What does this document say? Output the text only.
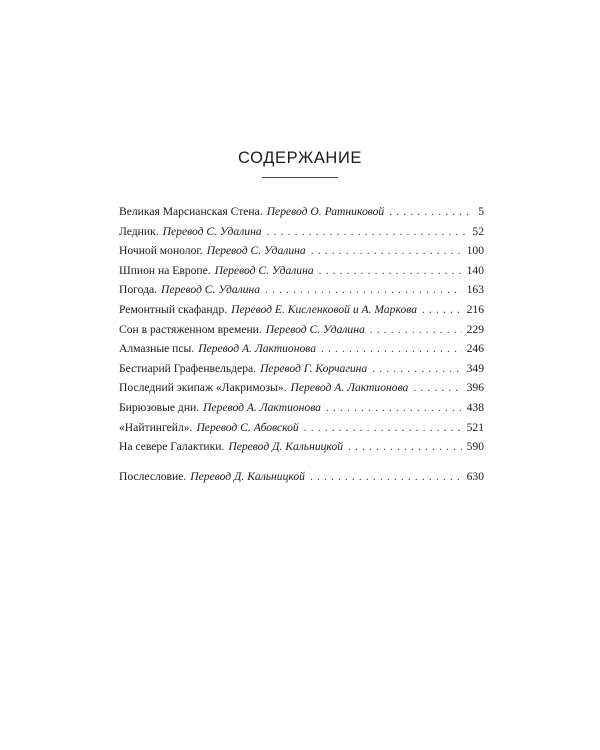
СОДЕРЖАНИЕ
Великая Марсианская Стена. Перевод О. Ратниковой . . .	5
Ледник. Перевод С. Удалина . . .	52
Ночной монолог. Перевод С. Удалина . . .	100
Шпион на Европе. Перевод С. Удалина . . .	140
Погода. Перевод С. Удалина . . .	163
Ремонтный скафандр. Перевод Е. Кисленковой и А. Маркова . . .	216
Сон в растяженном времени. Перевод С. Удалина . . .	229
Алмазные псы. Перевод А. Лактионова . . .	246
Бестиарий Графенвельдера. Перевод Г. Корчагина . . .	349
Последний экипаж «Лакримозы». Перевод А. Лактионова . . .	396
Бирюзовые дни. Перевод А. Лактионова . . .	438
«Найтингейл». Перевод С. Абовской . . .	521
На севере Галактики. Перевод Д. Кальницкой . . .	590
Послесловие. Перевод Д. Кальницкой . . .	630
